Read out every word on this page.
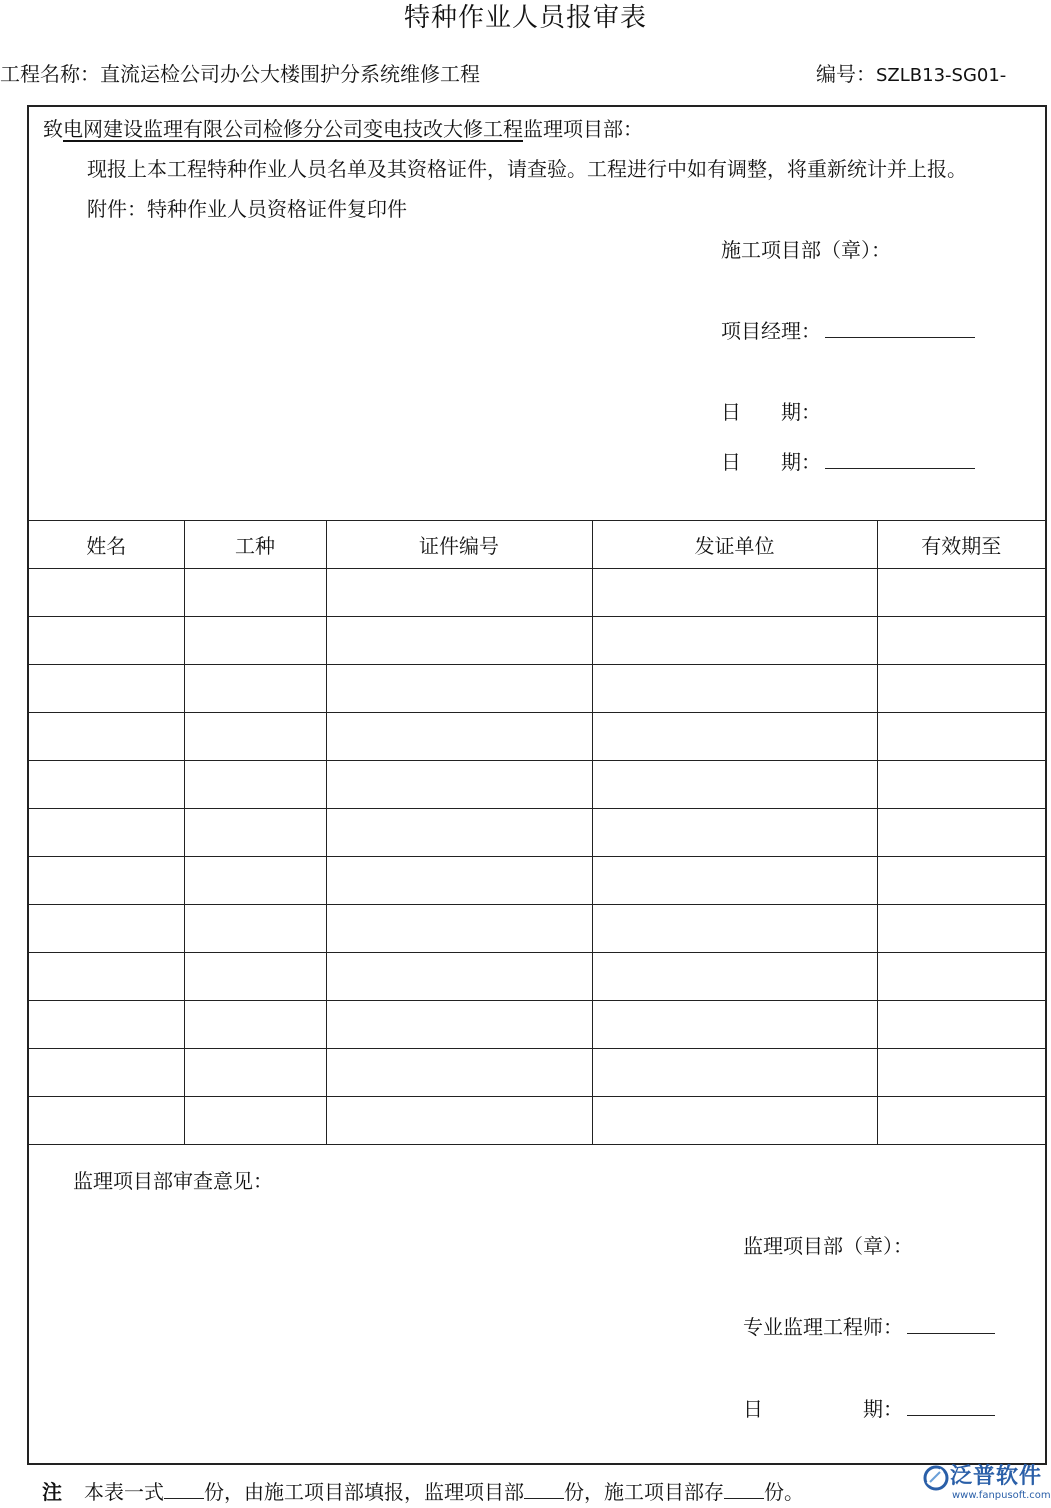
特种作业人员报审表
工程名称：直流运检公司办公大楼围护分系统维修工程	编号：SZLB13-SG01-
致电网建设监理有限公司检修分公司变电技改大修工程监理项目部：
现报上本工程特种作业人员名单及其资格证件，请查验。工程进行中如有调整，将重新统计并上报。
附件：特种作业人员资格证件复印件
施工项目部（章）：
项目经理：
日　　期：
日　　期：
姓名	工种	证件编号	发证单位	有效期至

监理项目部审查意见：
监理项目部（章）：
专业监理工程师：
日　　　　　期：
注 本表一式 份，由施工项目部填报，监理项目部 份，施工项目部存 份。
泛普软件
www.fanpusoft.com
